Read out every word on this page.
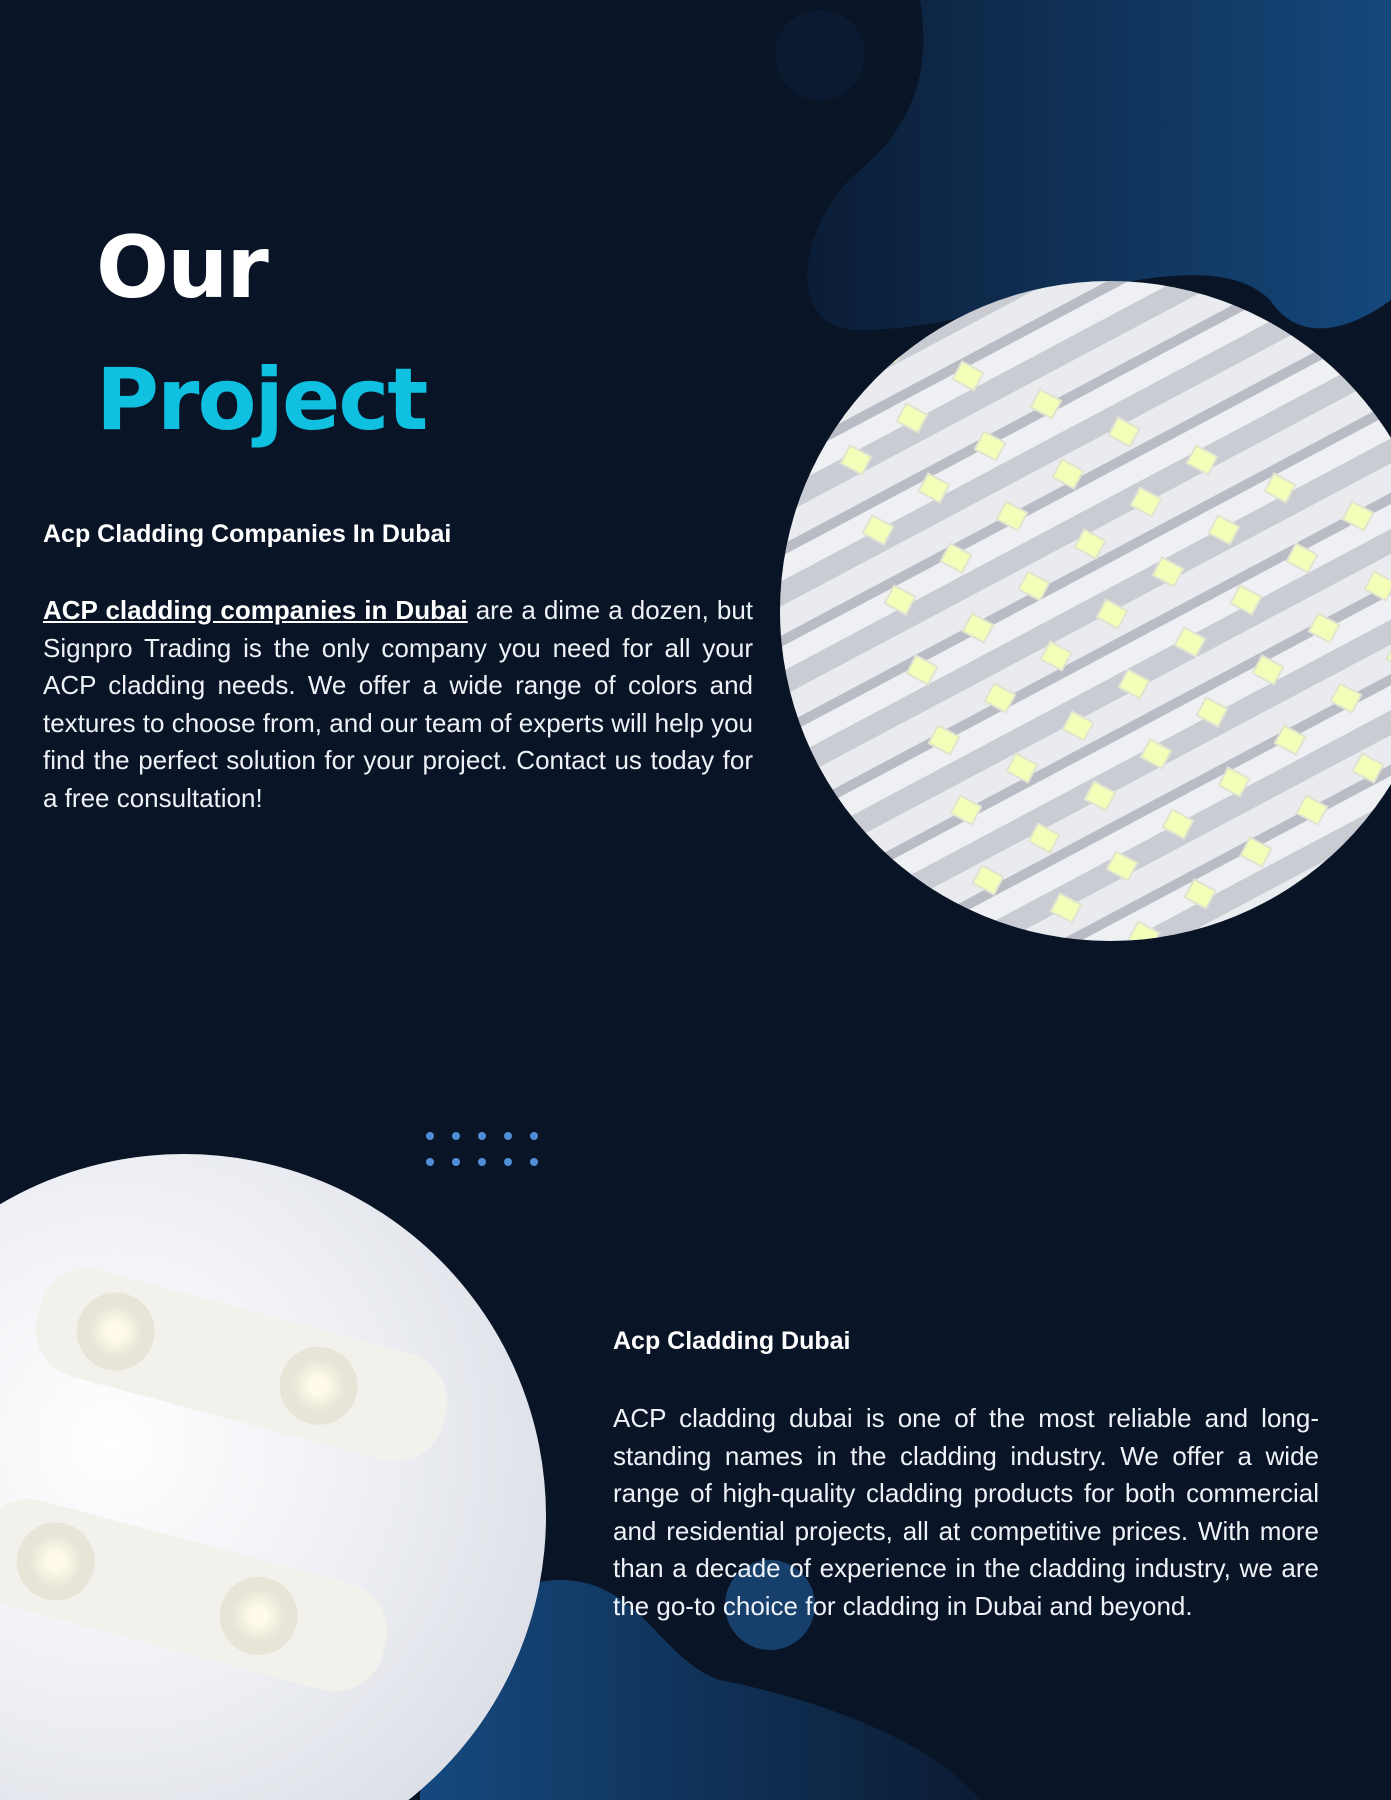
Our
Project
Acp Cladding Companies In Dubai
ACP cladding companies in Dubai are a dime a dozen, but Signpro Trading is the only company you need for all your ACP cladding needs. We offer a wide range of colors and textures to choose from, and our team of experts will help you find the perfect solution for your project. Contact us today for a free consultation!
Acp Cladding Dubai
ACP cladding dubai is one of the most reliable and long-standing names in the cladding industry. We offer a wide range of high-quality cladding products for both commercial and residential projects, all at competitive prices. With more than a decade of experience in the cladding industry, we are the go-to choice for cladding in Dubai and beyond.
